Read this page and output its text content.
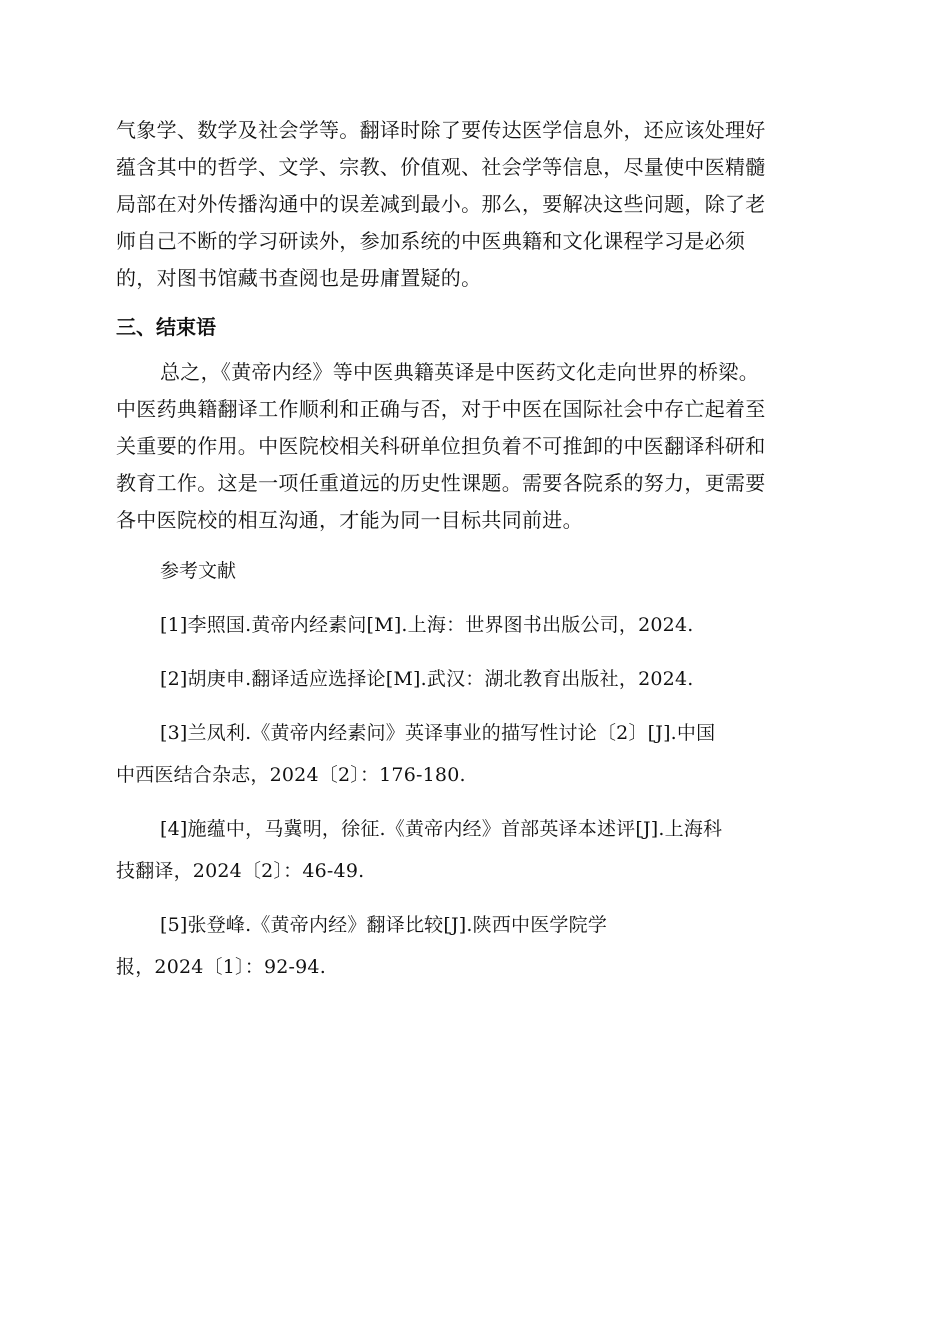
气象学、数学及社会学等。翻译时除了要传达医学信息外，还应该处理好
蕴含其中的哲学、文学、宗教、价值观、社会学等信息，尽量使中医精髓
局部在对外传播沟通中的误差减到最小。那么，要解决这些问题，除了老
师自己不断的学习研读外，参加系统的中医典籍和文化课程学习是必须
的，对图书馆藏书查阅也是毋庸置疑的。

三、结束语

总之，《黄帝内经》等中医典籍英译是中医药文化走向世界的桥梁。
中医药典籍翻译工作顺利和正确与否，对于中医在国际社会中存亡起着至
关重要的作用。中医院校相关科研单位担负着不可推卸的中医翻译科研和
教育工作。这是一项任重道远的历史性课题。需要各院系的努力，更需要
各中医院校的相互沟通，才能为同一目标共同前进。

参考文献
[1]李照国.黄帝内经素问[M].上海：世界图书出版公司，2024.
[2]胡庚申.翻译适应选择论[M].武汉：湖北教育出版社，2024.
[3]兰凤利.《黄帝内经素问》英译事业的描写性讨论〔2〕[J].中国
中西医结合杂志，2024〔2〕：176-180.
[4]施蕴中，马冀明，徐征.《黄帝内经》首部英译本述评[J].上海科
技翻译，2024〔2〕：46-49.
[5]张登峰.《黄帝内经》翻译比较[J].陕西中医学院学
报，2024〔1〕：92-94.
